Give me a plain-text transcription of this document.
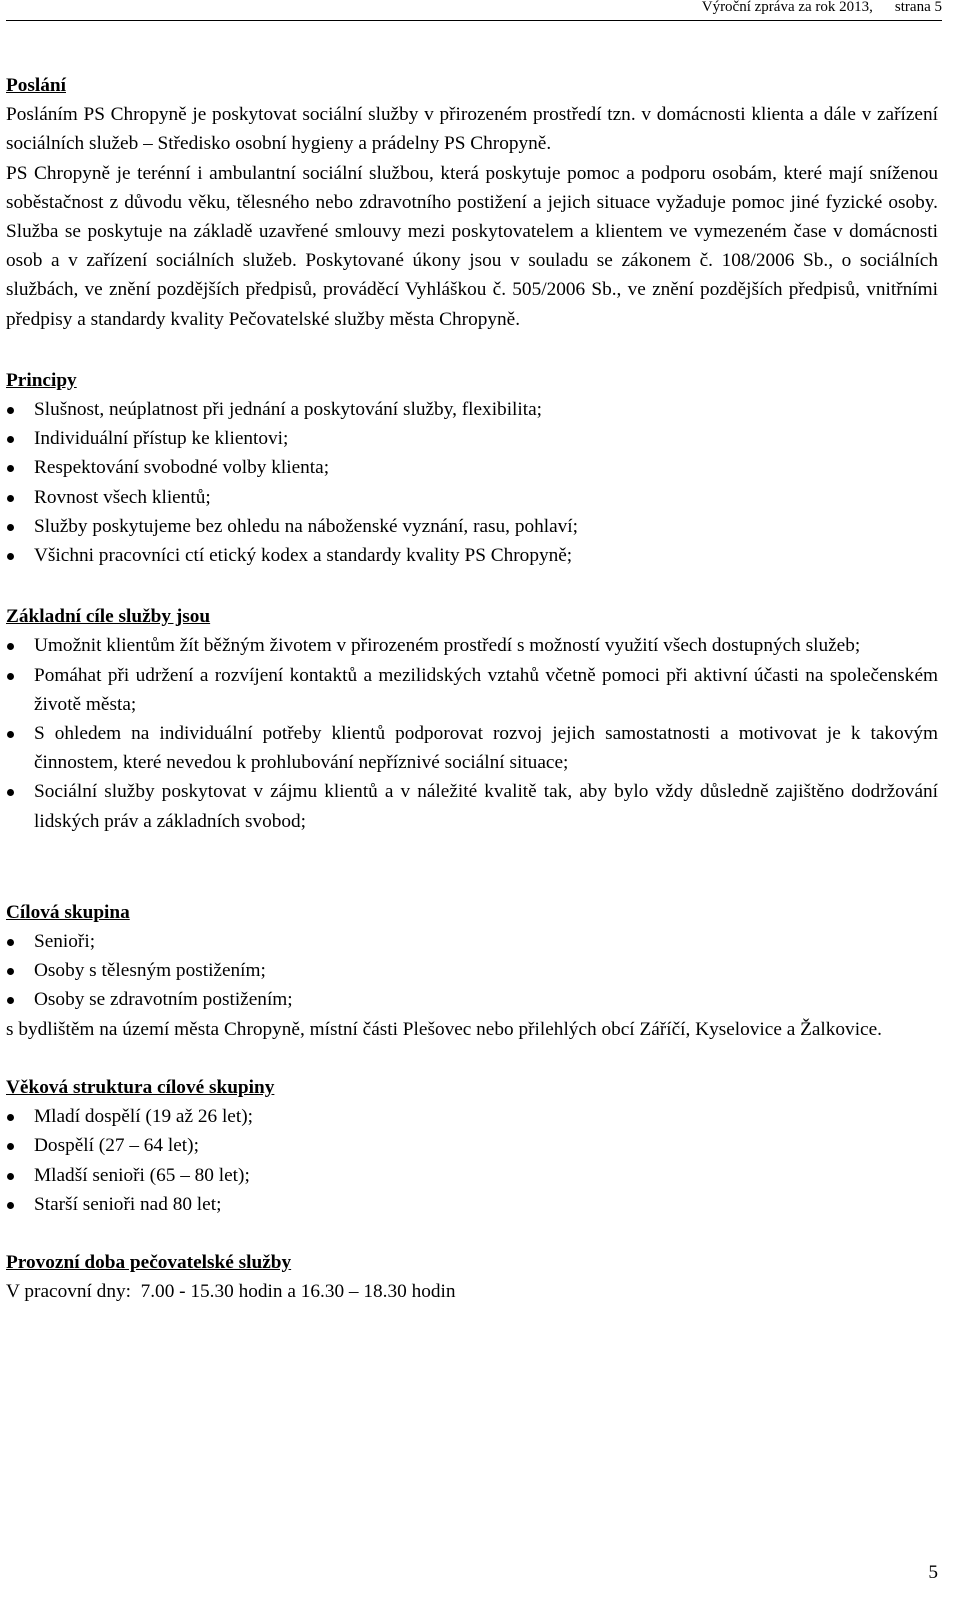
Výroční zpráva za rok 2013, strana 5
Poslání
Posláním PS Chropyně je poskytovat sociální služby v přirozeném prostředí tzn. v domácnosti klienta a dále v zařízení sociálních služeb – Středisko osobní hygieny a prádelny PS Chropyně.
PS Chropyně je terénní i ambulantní sociální službou, která poskytuje pomoc a podporu osobám, které mají sníženou soběstačnost z důvodu věku, tělesného nebo zdravotního postižení a jejich situace vyžaduje pomoc jiné fyzické osoby. Služba se poskytuje na základě uzavřené smlouvy mezi poskytovatelem a klientem ve vymezeném čase v domácnosti osob a v zařízení sociálních služeb. Poskytované úkony jsou v souladu se zákonem č. 108/2006 Sb., o sociálních službách, ve znění pozdějších předpisů, prováděcí Vyhláškou č. 505/2006 Sb., ve znění pozdějších předpisů, vnitřními předpisy a standardy kvality Pečovatelské služby města Chropyně.
Principy
Slušnost, neúplatnost při jednání a poskytování služby, flexibilita;
Individuální přístup ke klientovi;
Respektování svobodné volby klienta;
Rovnost všech klientů;
Služby poskytujeme bez ohledu na náboženské vyznání, rasu, pohlaví;
Všichni pracovníci ctí etický kodex a standardy kvality PS Chropyně;
Základní cíle služby jsou
Umožnit klientům žít běžným životem v přirozeném prostředí s možností využití všech dostupných služeb;
Pomáhat při udržení a rozvíjení kontaktů a mezilidských vztahů včetně pomoci při aktivní účasti na společenském životě města;
S ohledem na individuální potřeby klientů podporovat rozvoj jejich samostatnosti a motivovat je k takovým činnostem, které nevedou k prohlubování nepříznivé sociální situace;
Sociální služby poskytovat v zájmu klientů a v náležité kvalitě tak, aby bylo vždy důsledně zajištěno dodržování lidských práv a základních svobod;
Cílová skupina
Senioři;
Osoby s tělesným postižením;
Osoby se zdravotním postižením;
s bydlištěm na území města Chropyně, místní části Plešovec nebo přilehlých obcí Záříčí, Kyselovice a Žalkovice.
Věková struktura cílové skupiny
Mladí dospělí (19 až 26 let);
Dospělí (27 – 64 let);
Mladší senioři (65 – 80 let);
Starší senioři nad 80 let;
Provozní doba pečovatelské služby
V pracovní dny:  7.00 - 15.30 hodin a 16.30 – 18.30 hodin
5
